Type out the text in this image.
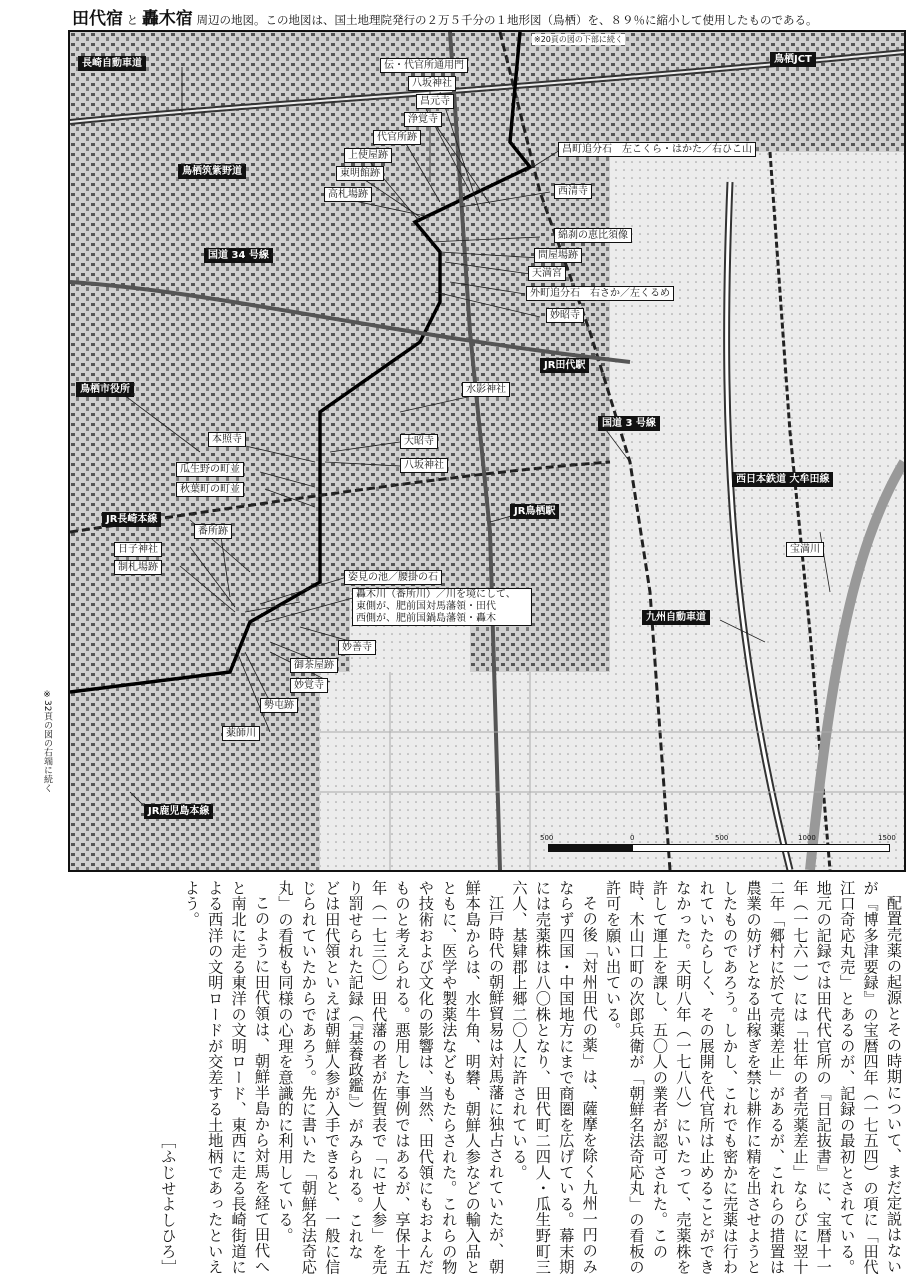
田代宿 と 轟木宿 周辺の地図。この地図は、国土地理院発行の２万５千分の１地形図（鳥栖）を、８９％に縮小して使用したものである。
※32頁の図の右端に続く
※20頁の図の下部に続く
長崎自動車道	鳥栖JCT
伝・代官所通用門
八坂神社
昌元寺
浄覚寺
代官所跡
上使屋跡
昌町追分石　左こくら・はかた／右ひこ山
東明館跡
高札場跡	西清寺
鳥栖筑紫野道
綿刹の恵比須像
国道 34 号線	問屋場跡
天満宮
外町追分石　右さか／左くるめ
妙昭寺
JR田代駅
鳥栖市役所	水影神社
国道 3 号線
本照寺	大昭寺
八坂神社
瓜生野の町並
秋葉町の町並
西日本鉄道 大牟田線
JR長崎本線
JR鳥栖駅
番所跡
日子神社	宝満川
制札場跡
姿見の池／腰掛の石
轟木川（番所川）／川を境にして、
東側が、肥前国対馬藩領・田代
西側が、肥前国鍋島藩領・轟木	九州自動車道
妙善寺
御茶屋跡
妙覚寺
勢屯跡
薬師川
JR鹿児島本線
500	0	500	1000	1500

配置売薬の起源とその時期について、まだ定説はないが『博多津要録』の宝暦四年（一七五四）の項に「田代江口奇応丸売」とあるのが、記録の最初とされている。地元の記録では田代代官所の『日記抜書』に、宝暦十一年（一七六一）には「壮年の者売薬差止」ならびに翌十二年「郷村に於て売薬差止」があるが、これらの措置は農業の妨げとなる出稼ぎを禁じ耕作に精を出させようとしたものであろう。しかし、これでも密かに売薬は行われていたらしく、その展開を代官所は止めることができなかった。天明八年（一七八八）にいたって、売薬株を許して運上を課し、五〇人の業者が認可された。この時、木山口町の次郎兵衛が「朝鮮名法奇応丸」の看板の許可を願い出ている。

その後「対州田代の薬」は、薩摩を除く九州一円のみならず四国・中国地方にまで商圏を広げている。幕末期には売薬株は八〇株となり、田代町二四人・瓜生野町三六人、基肄郡上郷二〇人に許されている。

江戸時代の朝鮮貿易は対馬藩に独占されていたが、朝鮮本島からは、水牛角、明礬、朝鮮人参などの輸入品とともに、医学や製薬法などももたらされた。これらの物や技術および文化の影響は、当然、田代領にもおよんだものと考えられる。悪用した事例ではあるが、享保十五年（一七三〇）田代藩の者が佐賀表で「にせ人参」を売り罰せられた記録（『基養政鑑』）がみられる。これなどは田代領といえば朝鮮人参が入手できると、一般に信じられていたからであろう。先に書いた「朝鮮名法奇応丸」の看板も同様の心理を意識的に利用している。

このように田代領は、朝鮮半島から対馬を経て田代へと南北に走る東洋の文明ロード、東西に走る長崎街道による西洋の文明ロードが交差する土地柄であったといえよう。

［ふじせよしひろ］
